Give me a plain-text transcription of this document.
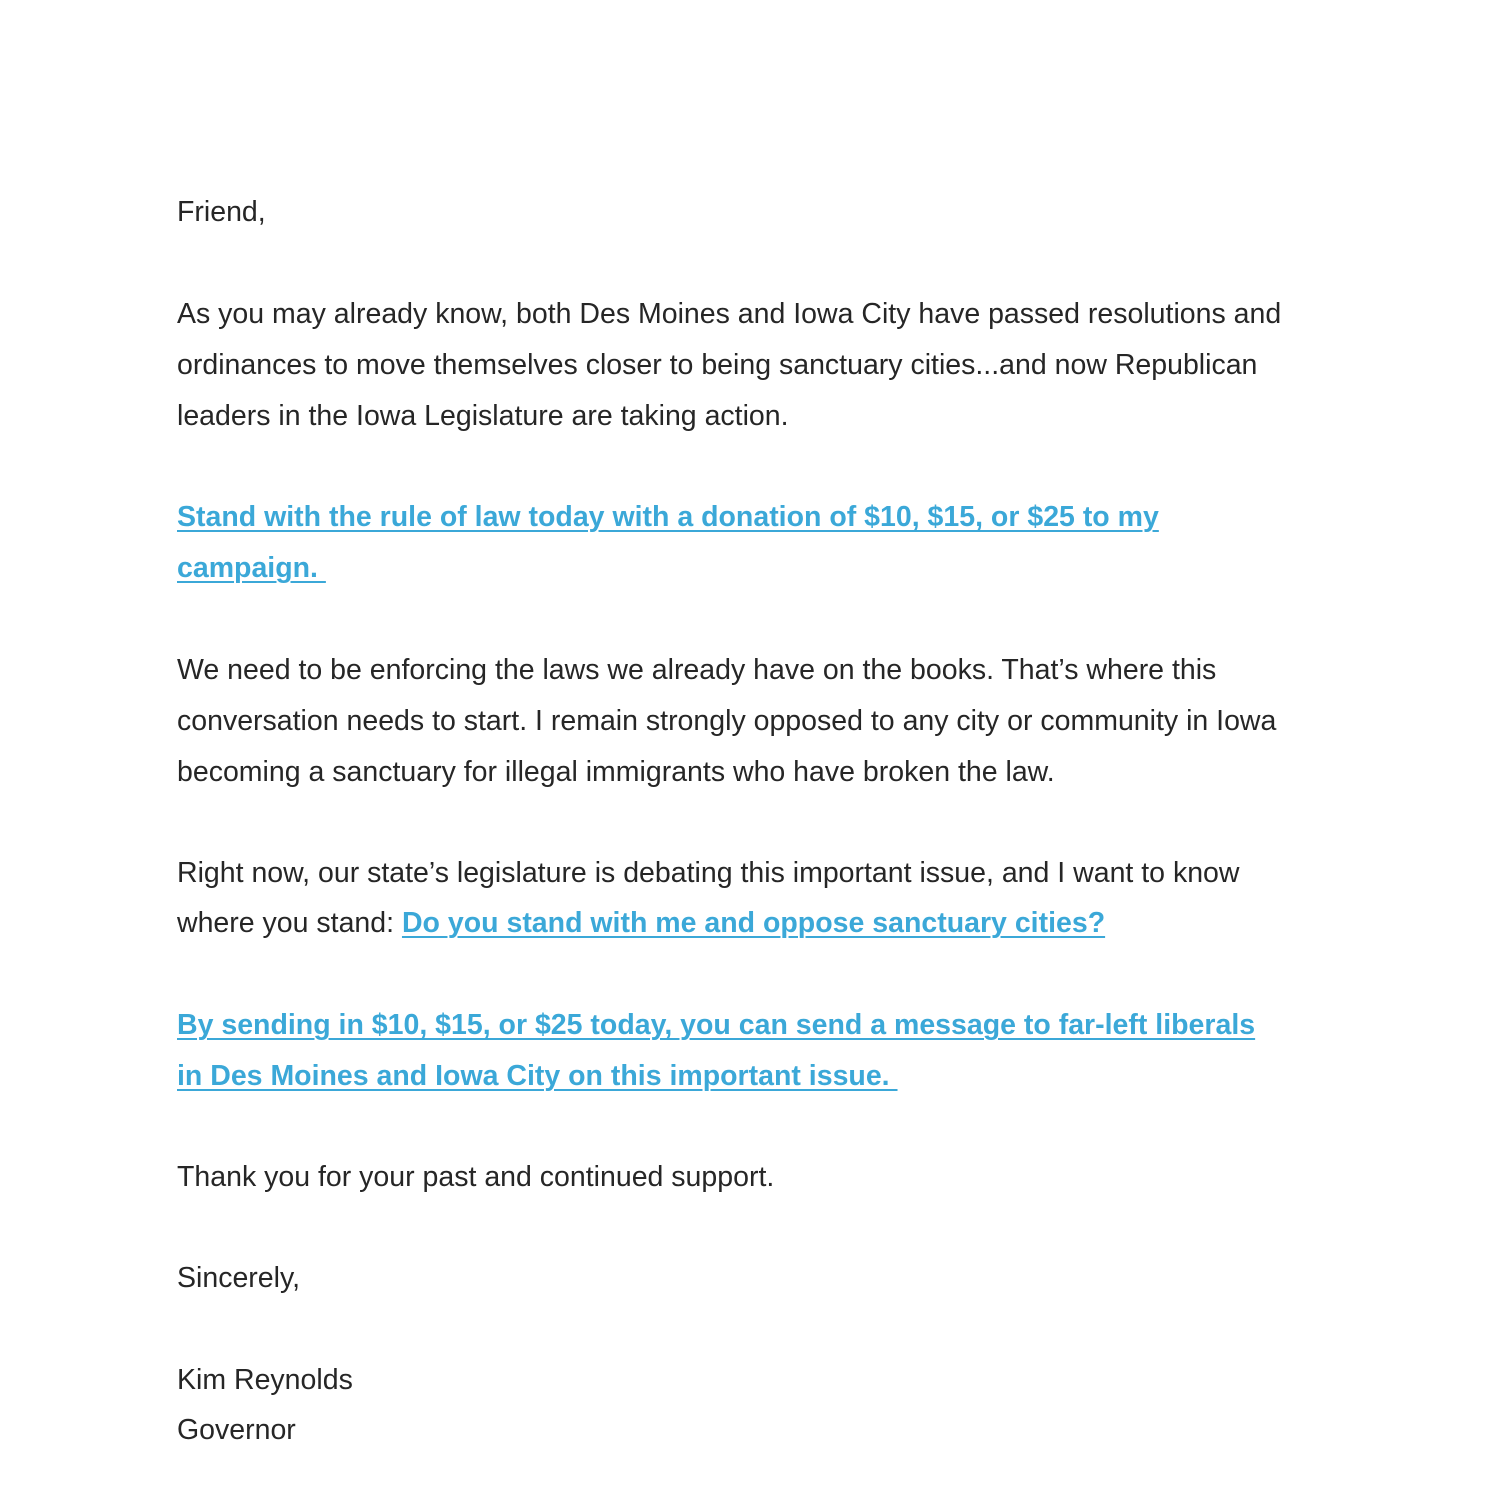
Friend,
As you may already know, both Des Moines and Iowa City have passed resolutions and
ordinances to move themselves closer to being sanctuary cities...and now Republican
leaders in the Iowa Legislature are taking action.
Stand with the rule of law today with a donation of $10, $15, or $25 to my
campaign.
We need to be enforcing the laws we already have on the books. That’s where this
conversation needs to start. I remain strongly opposed to any city or community in Iowa
becoming a sanctuary for illegal immigrants who have broken the law.
Right now, our state’s legislature is debating this important issue, and I want to know
where you stand: Do you stand with me and oppose sanctuary cities?
By sending in $10, $15, or $25 today, you can send a message to far-left liberals
in Des Moines and Iowa City on this important issue.
Thank you for your past and continued support.
Sincerely,
Kim Reynolds
Governor
